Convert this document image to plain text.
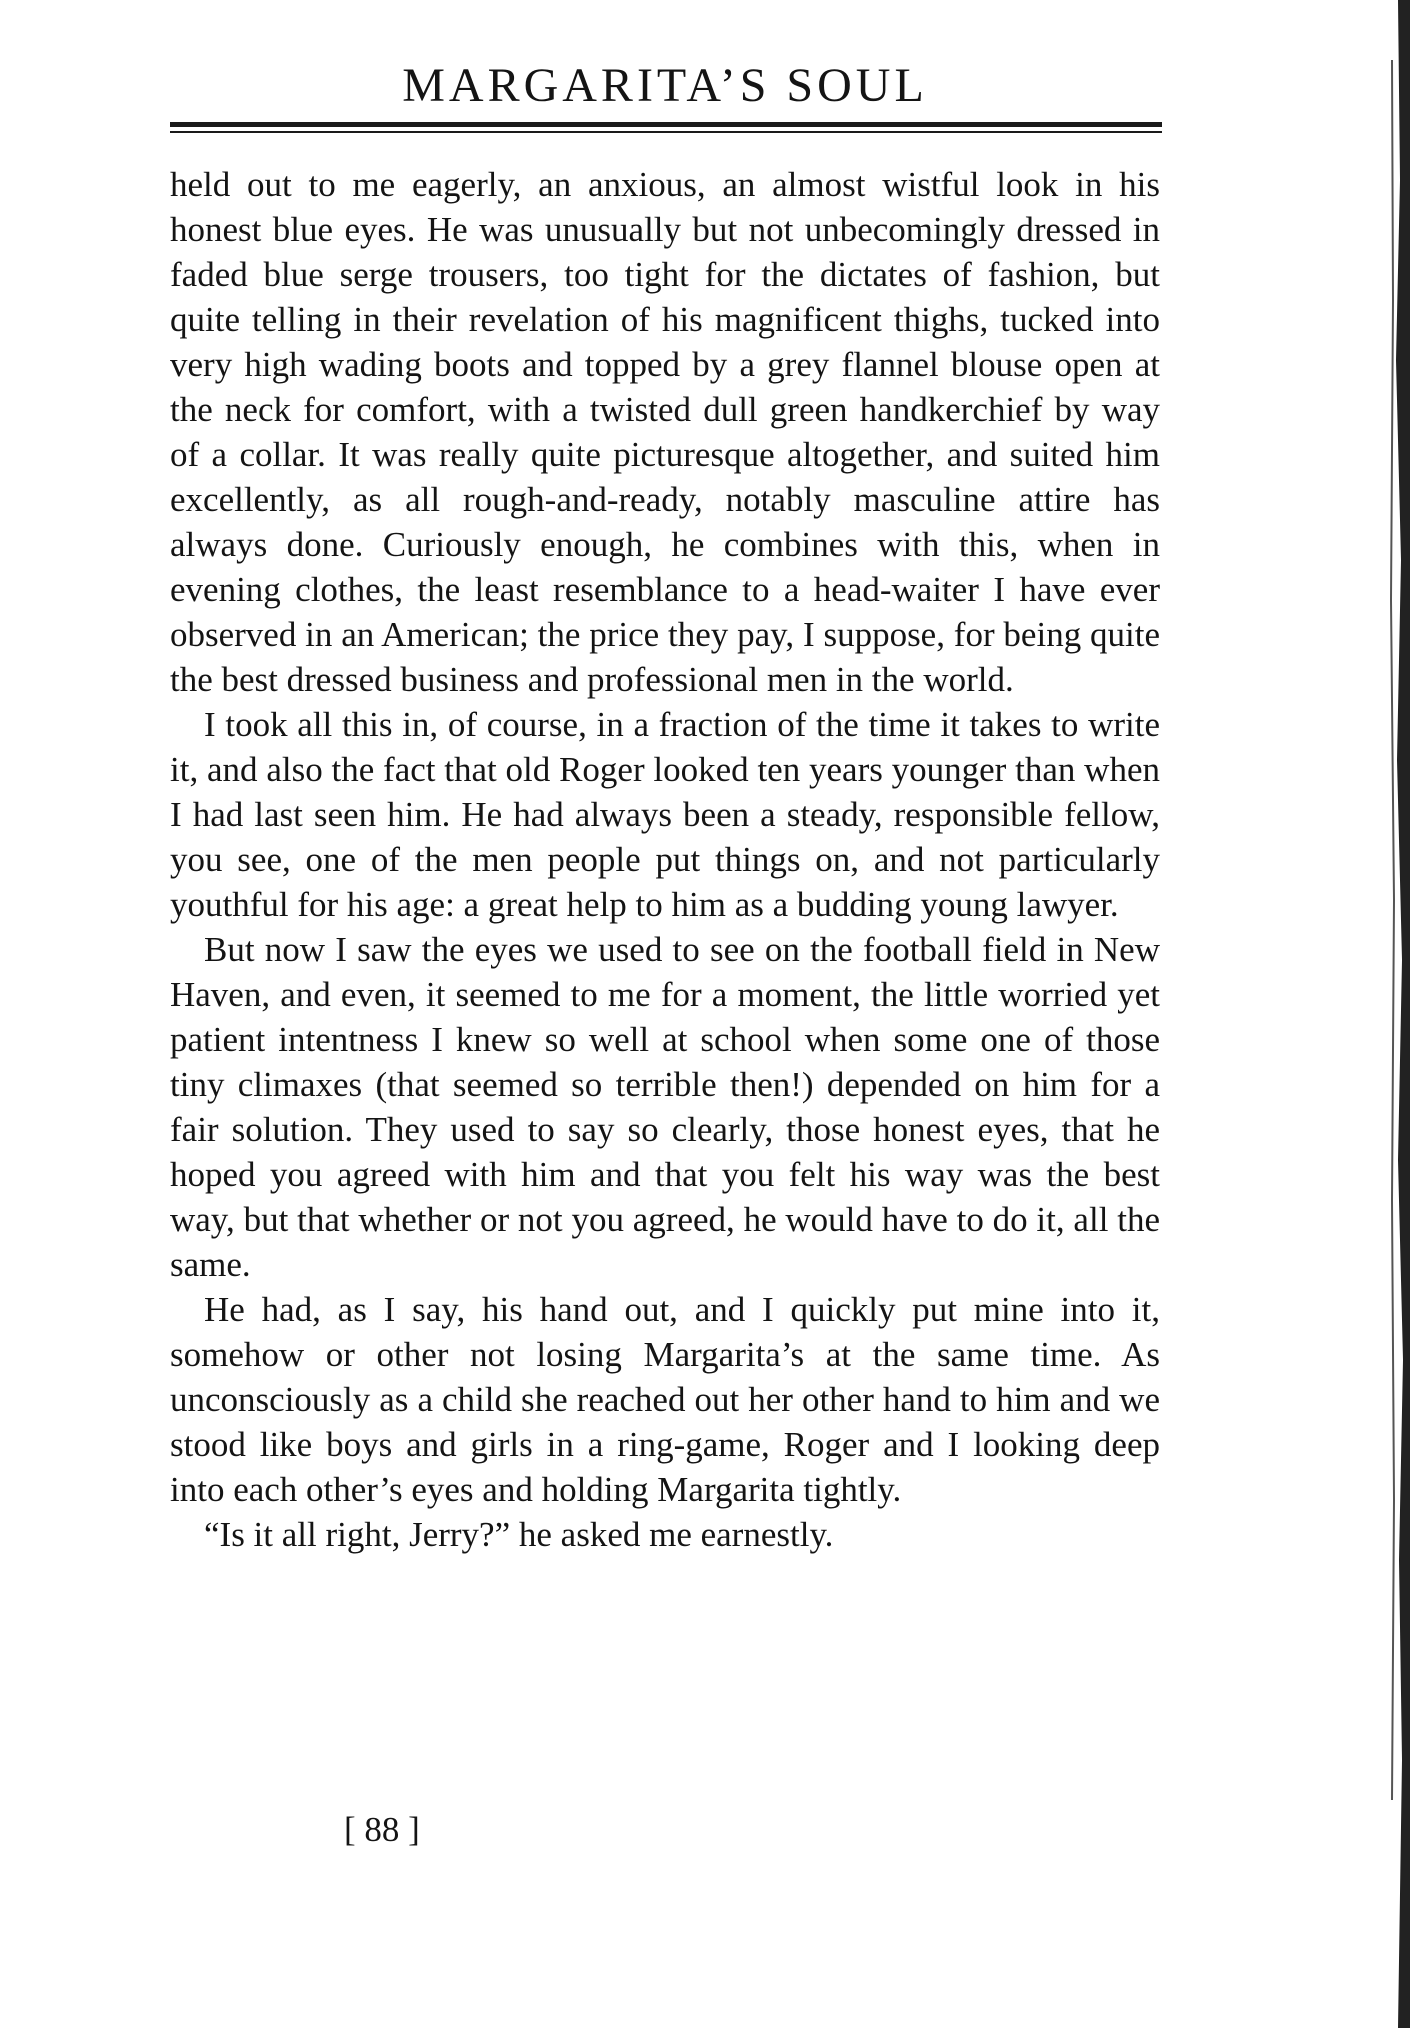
MARGARITA’S SOUL

held out to me eagerly, an anxious, an almost wistful look in his honest blue eyes. He was unusually but not unbecomingly dressed in faded blue serge trousers, too tight for the dictates of fashion, but quite telling in their revelation of his magnificent thighs, tucked into very high wading boots and topped by a grey flannel blouse open at the neck for comfort, with a twisted dull green handkerchief by way of a collar. It was really quite picturesque altogether, and suited him excellently, as all rough-and-ready, notably masculine attire has always done. Curiously enough, he combines with this, when in evening clothes, the least resemblance to a head-waiter I have ever observed in an American; the price they pay, I suppose, for being quite the best dressed business and professional men in the world.

I took all this in, of course, in a fraction of the time it takes to write it, and also the fact that old Roger looked ten years younger than when I had last seen him. He had always been a steady, responsible fellow, you see, one of the men people put things on, and not particularly youthful for his age: a great help to him as a budding young lawyer.

But now I saw the eyes we used to see on the football field in New Haven, and even, it seemed to me for a moment, the little worried yet patient intentness I knew so well at school when some one of those tiny climaxes (that seemed so terrible then!) depended on him for a fair solution. They used to say so clearly, those honest eyes, that he hoped you agreed with him and that you felt his way was the best way, but that whether or not you agreed, he would have to do it, all the same.

He had, as I say, his hand out, and I quickly put mine into it, somehow or other not losing Margarita’s at the same time. As unconsciously as a child she reached out her other hand to him and we stood like boys and girls in a ring-game, Roger and I looking deep into each other’s eyes and holding Margarita tightly.

“Is it all right, Jerry?” he asked me earnestly.

[ 88 ]
